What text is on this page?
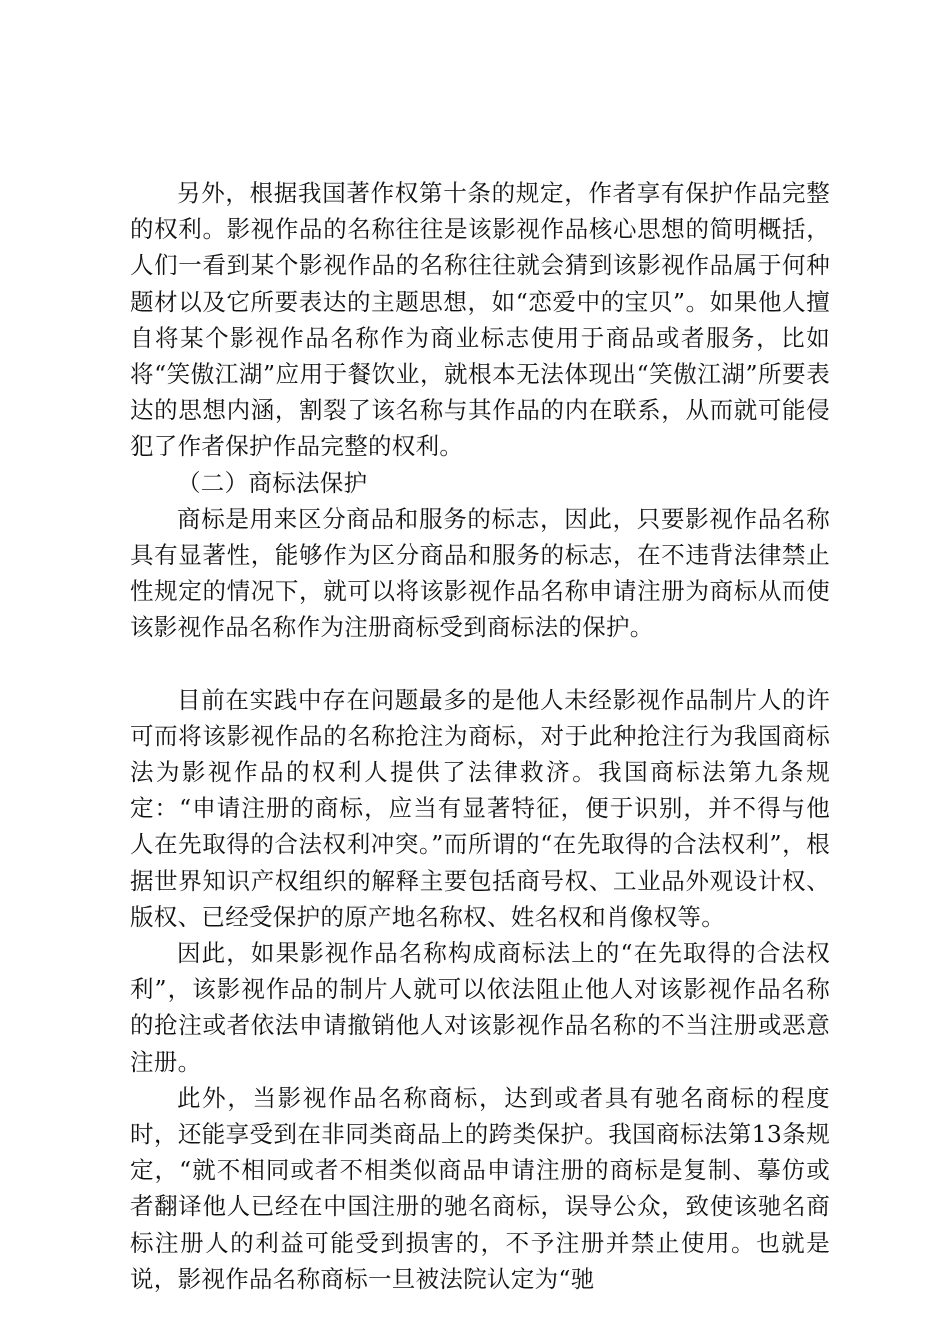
另外，根据我国著作权第十条的规定，作者享有保护作品完整的权利。影视作品的名称往往是该影视作品核心思想的简明概括，人们一看到某个影视作品的名称往往就会猜到该影视作品属于何种题材以及它所要表达的主题思想，如“恋爱中的宝贝”。如果他人擅自将某个影视作品名称作为商业标志使用于商品或者服务，比如将“笑傲江湖”应用于餐饮业，就根本无法体现出“笑傲江湖”所要表达的思想内涵，割裂了该名称与其作品的内在联系，从而就可能侵犯了作者保护作品完整的权利。

（二）商标法保护

商标是用来区分商品和服务的标志，因此，只要影视作品名称具有显著性，能够作为区分商品和服务的标志，在不违背法律禁止性规定的情况下，就可以将该影视作品名称申请注册为商标从而使该影视作品名称作为注册商标受到商标法的保护。

目前在实践中存在问题最多的是他人未经影视作品制片人的许可而将该影视作品的名称抢注为商标，对于此种抢注行为我国商标法为影视作品的权利人提供了法律救济。我国商标法第九条规定：“申请注册的商标，应当有显著特征，便于识别，并不得与他人在先取得的合法权利冲突。”而所谓的“在先取得的合法权利”，根据世界知识产权组织的解释主要包括商号权、工业品外观设计权、版权、已经受保护的原产地名称权、姓名权和肖像权等。

因此，如果影视作品名称构成商标法上的“在先取得的合法权利”，该影视作品的制片人就可以依法阻止他人对该影视作品名称的抢注或者依法申请撤销他人对该影视作品名称的不当注册或恶意注册。

此外，当影视作品名称商标，达到或者具有驰名商标的程度时，还能享受到在非同类商品上的跨类保护。我国商标法第13条规定，“就不相同或者不相类似商品申请注册的商标是复制、摹仿或者翻译他人已经在中国注册的驰名商标，误导公众，致使该驰名商标注册人的利益可能受到损害的，不予注册并禁止使用。也就是说，影视作品名称商标一旦被法院认定为“驰
